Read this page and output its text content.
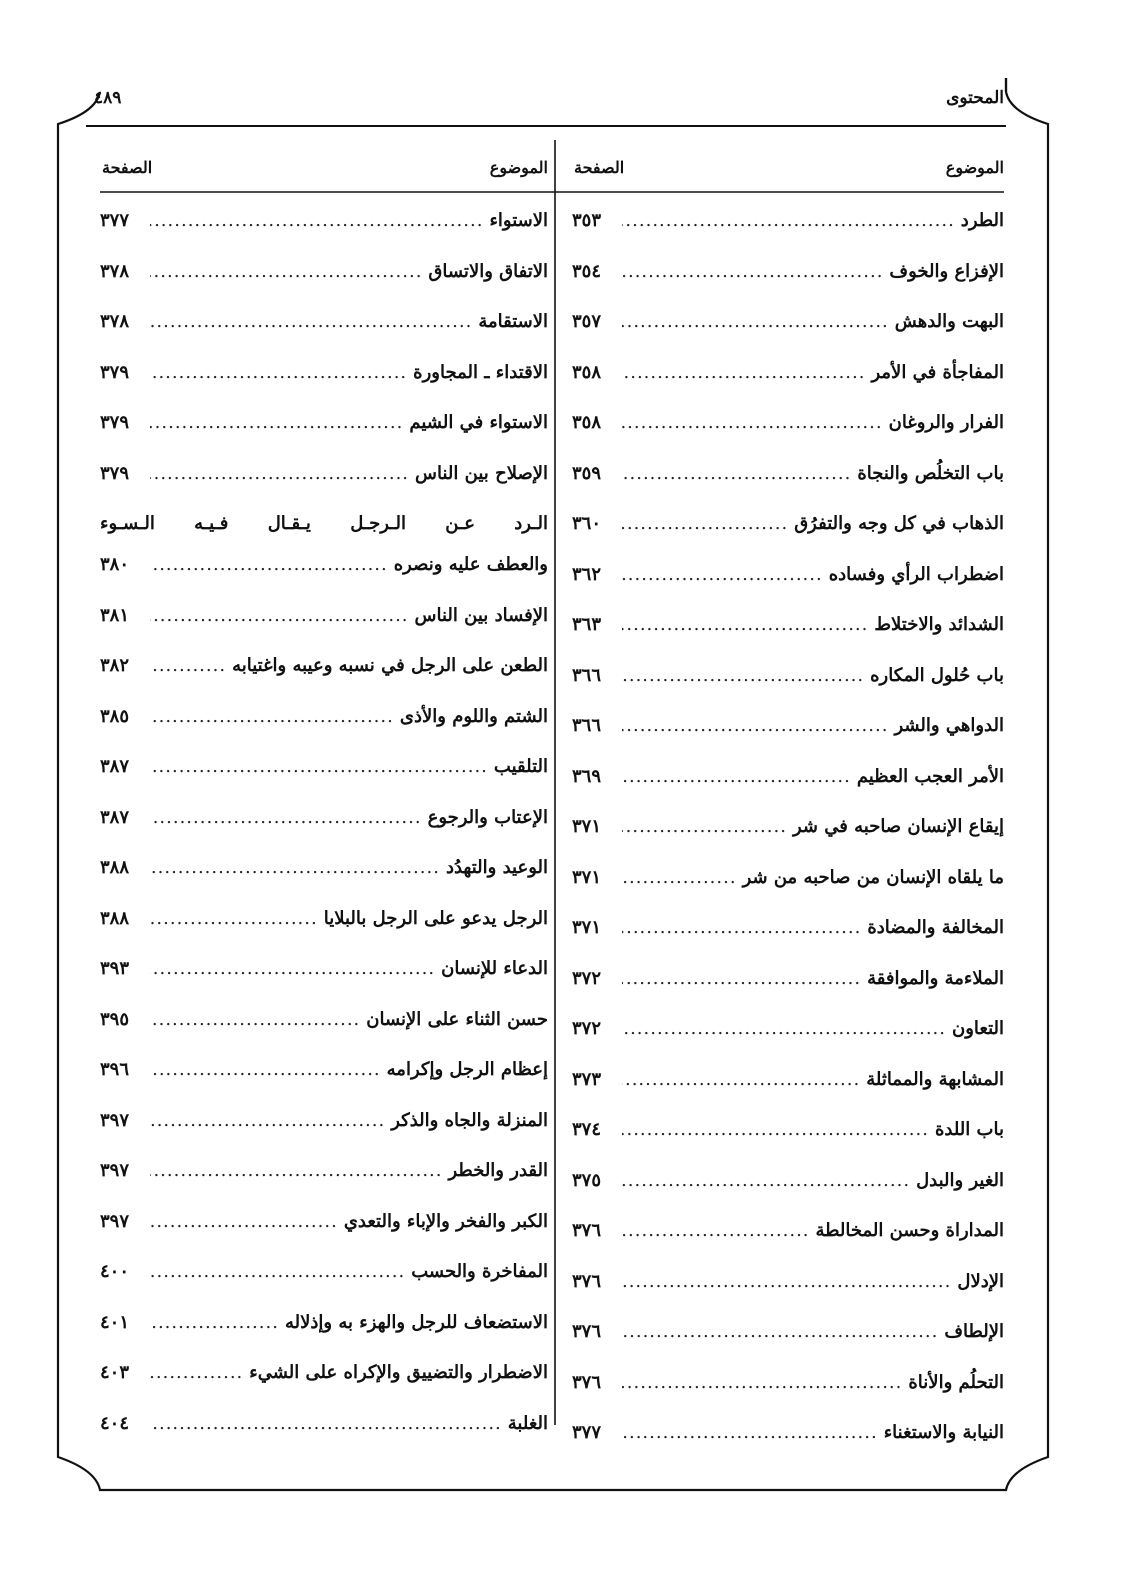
المحتوى
٤٨٩
الموضوع
الصفحة
الطرد
.....
٣٥٣
الإفزاع والخوف
.....
٣٥٤
البهت والدهش
.....
٣٥٧
المفاجأة في الأمر
.....
٣٥٨
الفرار والروغان
.....
٣٥٨
باب التخلُص والنجاة
.....
٣٥٩
الذهاب في كل وجه والتفرُق
.....
٣٦٠
اضطراب الرأي وفساده
.....
٣٦٢
الشدائد والاختلاط
.....
٣٦٣
باب حُلول المكاره
.....
٣٦٦
الدواهي والشر
.....
٣٦٦
الأمر العجب العظيم
.....
٣٦٩
إيقاع الإنسان صاحبه في شر
.....
٣٧١
ما يلقاه الإنسان من صاحبه من شر
.....
٣٧١
المخالفة والمضادة
.....
٣٧١
الملاءمة والموافقة
.....
٣٧٢
التعاون
.....
٣٧٢
المشابهة والمماثلة
.....
٣٧٣
باب اللدة
.....
٣٧٤
الغير والبدل
.....
٣٧٥
المداراة وحسن المخالطة
.....
٣٧٦
الإدلال
.....
٣٧٦
الإلطاف
.....
٣٧٦
التحلُم والأناة
.....
٣٧٦
النيابة والاستغناء
.....
٣٧٧
الموضوع
الصفحة
الاستواء
.....
٣٧٧
الاتفاق والاتساق
.....
٣٧٨
الاستقامة
.....
٣٧٨
الاقتداء ـ المجاورة
.....
٣٧٩
الاستواء في الشيم
.....
٣٧٩
الإصلاح بين الناس
.....
٣٧٩
الـرد عـن الـرجـل يـقـال فـيـه الـسـوء
والعطف عليه ونصره
.....
٣٨٠
الإفساد بين الناس
.....
٣٨١
الطعن على الرجل في نسبه وعيبه واغتيابه
.....
٣٨٢
الشتم واللوم والأذى
.....
٣٨٥
التلقيب
.....
٣٨٧
الإعتاب والرجوع
.....
٣٨٧
الوعيد والتهدُد
.....
٣٨٨
الرجل يدعو على الرجل بالبلايا
.....
٣٨٨
الدعاء للإنسان
.....
٣٩٣
حسن الثناء على الإنسان
.....
٣٩٥
إعظام الرجل وإكرامه
.....
٣٩٦
المنزلة والجاه والذكر
.....
٣٩٧
القدر والخطر
.....
٣٩٧
الكبر والفخر والإباء والتعدي
.....
٣٩٧
المفاخرة والحسب
.....
٤٠٠
الاستضعاف للرجل والهزء به وإذلاله
.....
٤٠١
الاضطرار والتضييق والإكراه على الشيء
.....
٤٠٣
الغلبة
.....
٤٠٤
